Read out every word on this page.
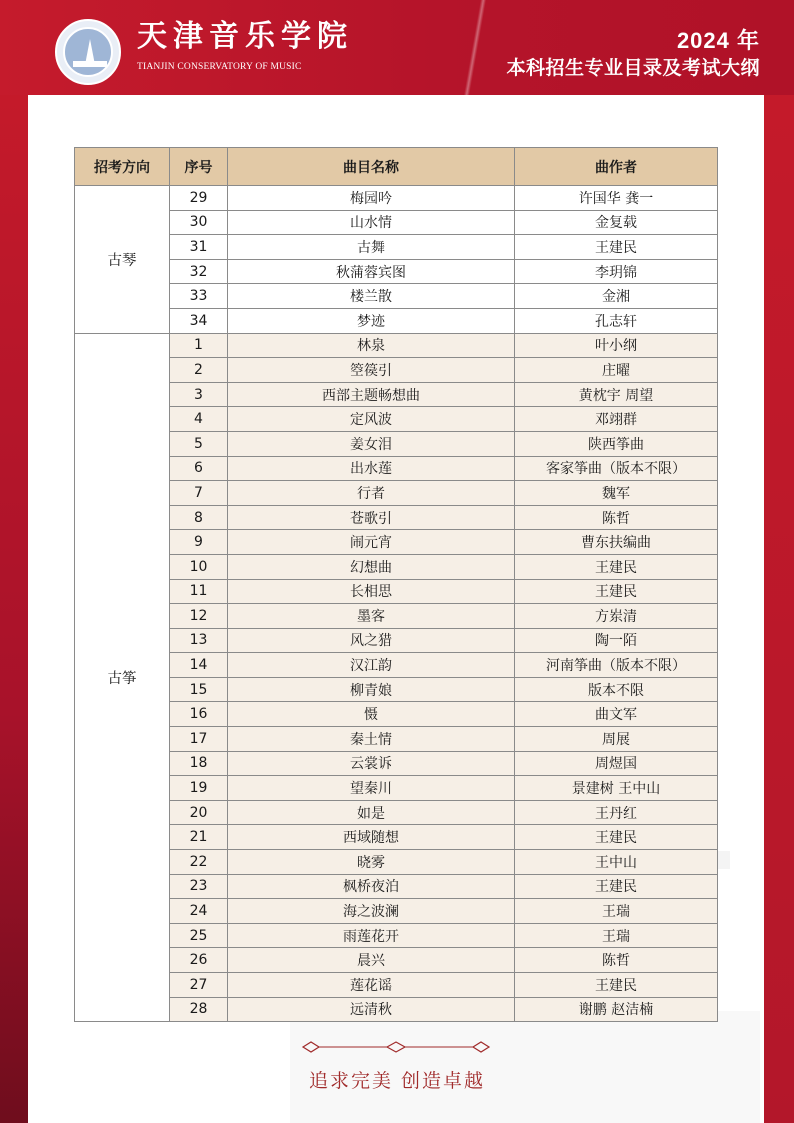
天津音乐学院
TIANJIN CONSERVATORY OF MUSIC
2024 年
本科招生专业目录及考试大纲
招考方向	序号	曲目名称	曲作者
古琴	29	梅园吟	许国华 龚一
	30	山水情	金复载
	31	古舞	王建民
	32	秋蒲蓉宾图	李玥锦
	33	楼兰散	金湘
	34	梦迹	孔志轩
古筝	1	林泉	叶小纲
	2	箜篌引	庄曜
	3	西部主题畅想曲	黄枕宇 周望
	4	定风波	邓翊群
	5	姜女泪	陕西筝曲
	6	出水莲	客家筝曲（版本不限）
	7	行者	魏军
	8	苍歌引	陈哲
	9	闹元宵	曹东扶编曲
	10	幻想曲	王建民
	11	长相思	王建民
	12	墨客	方岽清
	13	风之猎	陶一陌
	14	汉江韵	河南筝曲（版本不限）
	15	柳青娘	版本不限
	16	慑	曲文军
	17	秦土情	周展
	18	云裳诉	周煜国
	19	望秦川	景建树 王中山
	20	如是	王丹红
	21	西域随想	王建民
	22	晓雾	王中山
	23	枫桥夜泊	王建民
	24	海之波澜	王瑞
	25	雨莲花开	王瑞
	26	晨兴	陈哲
	27	莲花谣	王建民
	28	远清秋	谢鹏 赵洁楠
追求完美 创造卓越
